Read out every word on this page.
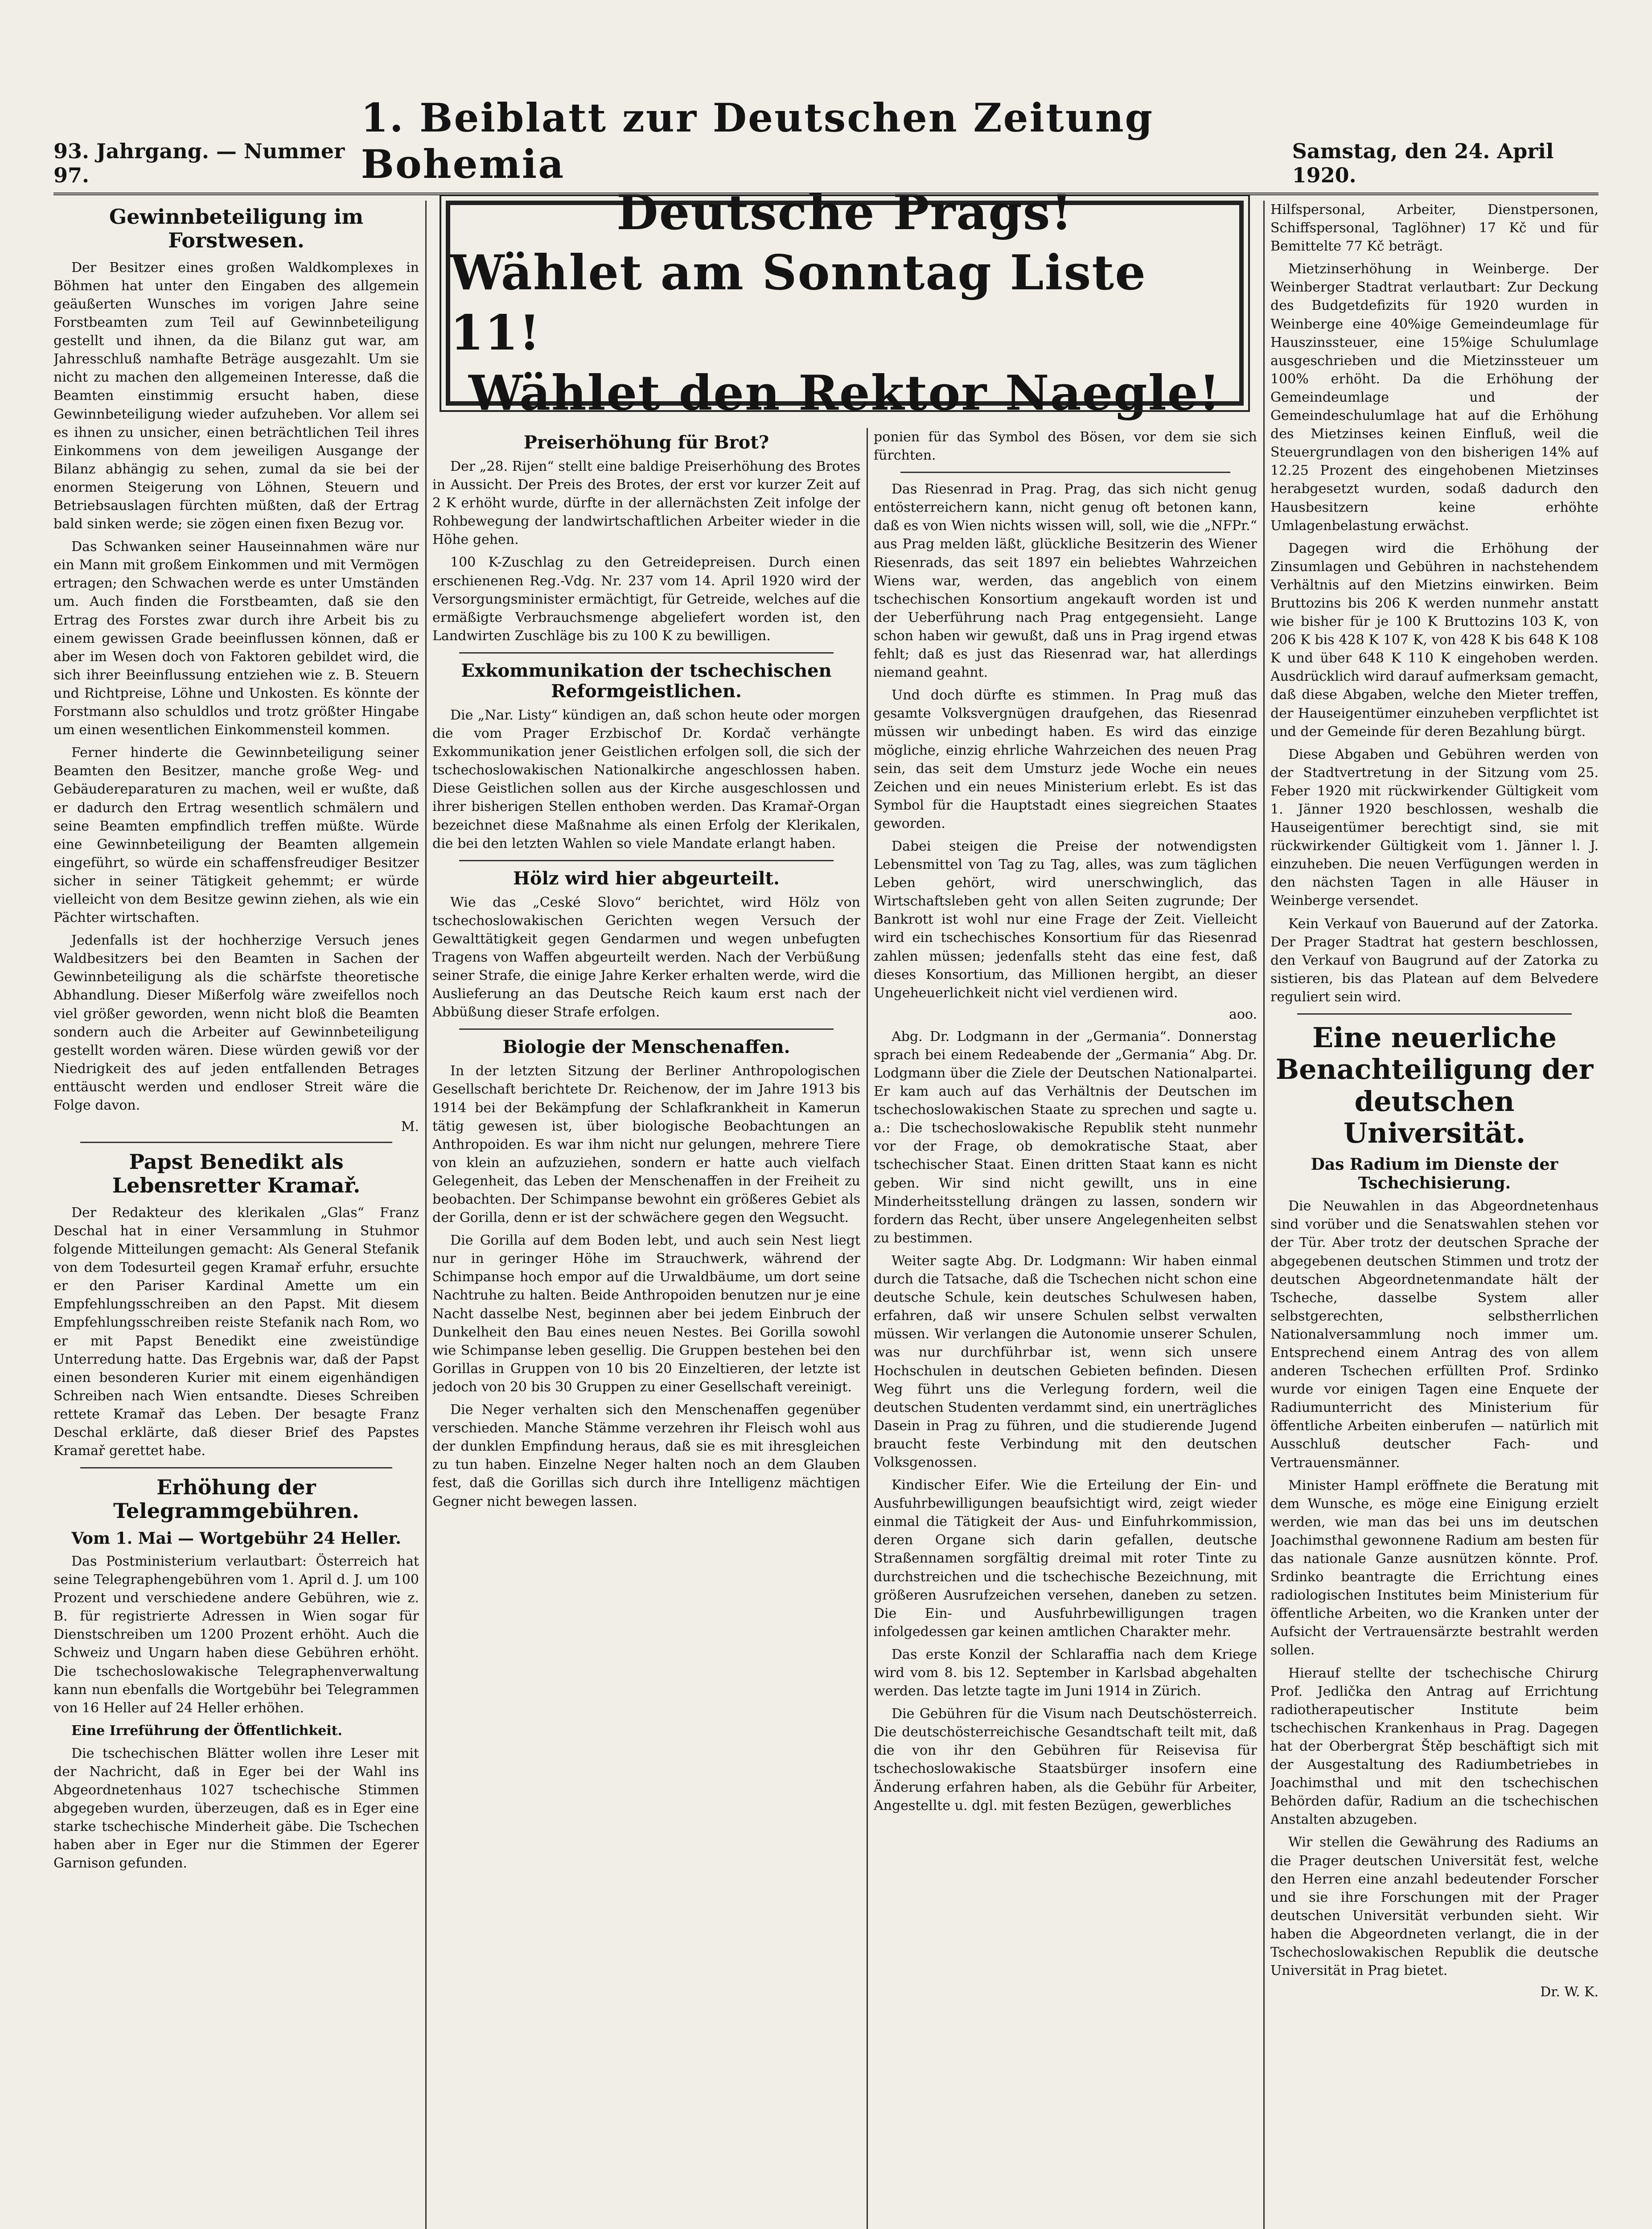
93. Jahrgang. — Nummer 97.
1. Beiblatt zur Deutschen Zeitung Bohemia	Samstag, den 24. April 1920.
Deutsche Prags!
Wählet am Sonntag Liste 11!
Wählet den Rektor Naegle!
Gewinnbeteiligung im Forstwesen.

Der Besitzer eines großen Waldkomplexes in Böhmen hat unter den Eingaben des allgemein geäußerten Wunsches im vorigen Jahre seine Forstbeamten zum Teil auf Gewinnbeteiligung gestellt und ihnen, da die Bilanz gut war, am Jahresschluß namhafte Beträge ausgezahlt. Um sie nicht zu machen den allgemeinen Interesse, daß die Beamten einstimmig ersucht haben, diese Gewinnbeteiligung wieder aufzuheben. Vor allem sei es ihnen zu unsicher, einen beträchtlichen Teil ihres Einkommens von dem jeweiligen Ausgange der Bilanz abhängig zu sehen, zumal da sie bei der enormen Steigerung von Löhnen, Steuern und Betriebsauslagen fürchten müßten, daß der Ertrag bald sinken werde; sie zögen einen fixen Bezug vor.

Das Schwanken seiner Hauseinnahmen wäre nur ein Mann mit großem Einkommen und mit Vermögen ertragen; den Schwachen werde es unter Umständen um. Auch finden die Forstbeamten, daß sie den Ertrag des Forstes zwar durch ihre Arbeit bis zu einem gewissen Grade beeinflussen können, daß er aber im Wesen doch von Faktoren gebildet wird, die sich ihrer Beeinflussung entziehen wie z. B. Steuern und Richtpreise, Löhne und Unkosten. Es könnte der Forstmann also schuldlos und trotz größter Hingabe um einen wesentlichen Einkommensteil kommen.

Ferner hinderte die Gewinnbeteiligung seiner Beamten den Besitzer, manche große Weg- und Gebäudereparaturen zu machen, weil er wußte, daß er dadurch den Ertrag wesentlich schmälern und seine Beamten empfindlich treffen müßte. Würde eine Gewinnbeteiligung der Beamten allgemein eingeführt, so würde ein schaffensfreudiger Besitzer sicher in seiner Tätigkeit gehemmt; er würde vielleicht von dem Besitze gewinn ziehen, als wie ein Pächter wirtschaften.

Jedenfalls ist der hochherzige Versuch jenes Waldbesitzers bei den Beamten in Sachen der Gewinnbeteiligung als die schärfste theoretische Abhandlung. Dieser Mißerfolg wäre zweifellos noch viel größer geworden, wenn nicht bloß die Beamten sondern auch die Arbeiter auf Gewinnbeteiligung gestellt worden wären. Diese würden gewiß vor der Niedrigkeit des auf jeden entfallenden Betrages enttäuscht werden und endloser Streit wäre die Folge davon.

M.
Papst Benedikt als Lebensretter Kramař.

Der Redakteur des klerikalen „Glas“ Franz Deschal hat in einer Versammlung in Stuhmor folgende Mitteilungen gemacht: Als General Stefanik von dem Todesurteil gegen Kramař erfuhr, ersuchte er den Pariser Kardinal Amette um ein Empfehlungsschreiben an den Papst. Mit diesem Empfehlungsschreiben reiste Stefanik nach Rom, wo er mit Papst Benedikt eine zweistündige Unterredung hatte. Das Ergebnis war, daß der Papst einen besonderen Kurier mit einem eigenhändigen Schreiben nach Wien entsandte. Dieses Schreiben rettete Kramař das Leben. Der besagte Franz Deschal erklärte, daß dieser Brief des Papstes Kramař gerettet habe.

Erhöhung der Telegrammgebühren.
Vom 1. Mai — Wortgebühr 24 Heller.

Das Postministerium verlautbart: Österreich hat seine Telegraphengebühren vom 1. April d. J. um 100 Prozent und verschiedene andere Gebühren, wie z. B. für registrierte Adressen in Wien sogar für Dienstschreiben um 1200 Prozent erhöht. Auch die Schweiz und Ungarn haben diese Gebühren erhöht. Die tschechoslowakische Telegraphenverwaltung kann nun ebenfalls die Wortgebühr bei Telegrammen von 16 Heller auf 24 Heller erhöhen.

Eine Irreführung der Öffentlichkeit.

Die tschechischen Blätter wollen ihre Leser mit der Nachricht, daß in Eger bei der Wahl ins Abgeordnetenhaus 1027 tschechische Stimmen abgegeben wurden, überzeugen, daß es in Eger eine starke tschechische Minderheit gäbe. Die Tschechen haben aber in Eger nur die Stimmen der Egerer Garnison gefunden.

Preiserhöhung für Brot?

Der „28. Rijen“ stellt eine baldige Preiserhöhung des Brotes in Aussicht. Der Preis des Brotes, der erst vor kurzer Zeit auf 2 K erhöht wurde, dürfte in der allernächsten Zeit infolge der Rohbewegung der landwirtschaftlichen Arbeiter wieder in die Höhe gehen.

100 K-Zuschlag zu den Getreidepreisen. Durch einen erschienenen Reg.-Vdg. Nr. 237 vom 14. April 1920 wird der Versorgungsminister ermächtigt, für Getreide, welches auf die ermäßigte Verbrauchsmenge abgeliefert worden ist, den Landwirten Zuschläge bis zu 100 K zu bewilligen.

Exkommunikation der tschechischen Reformgeistlichen.

Die „Nar. Listy“ kündigen an, daß schon heute oder morgen die vom Prager Erzbischof Dr. Kordač verhängte Exkommunikation jener Geistlichen erfolgen soll, die sich der tschechoslowakischen Nationalkirche angeschlossen haben. Diese Geistlichen sollen aus der Kirche ausgeschlossen und ihrer bisherigen Stellen enthoben werden. Das Kramař-Organ bezeichnet diese Maßnahme als einen Erfolg der Klerikalen, die bei den letzten Wahlen so viele Mandate erlangt haben.

Hölz wird hier abgeurteilt.

Wie das „Ceské Slovo“ berichtet, wird Hölz von tschechoslowakischen Gerichten wegen Versuch der Gewalttätigkeit gegen Gendarmen und wegen unbefugten Tragens von Waffen abgeurteilt werden. Nach der Verbüßung seiner Strafe, die einige Jahre Kerker erhalten werde, wird die Auslieferung an das Deutsche Reich kaum erst nach der Abbüßung dieser Strafe erfolgen.

Biologie der Menschenaffen.

In der letzten Sitzung der Berliner Anthropologischen Gesellschaft berichtete Dr. Reichenow, der im Jahre 1913 bis 1914 bei der Bekämpfung der Schlafkrankheit in Kamerun tätig gewesen ist, über biologische Beobachtungen an Anthropoiden. Es war ihm nicht nur gelungen, mehrere Tiere von klein an aufzuziehen, sondern er hatte auch vielfach Gelegenheit, das Leben der Menschenaffen in der Freiheit zu beobachten. Der Schimpanse bewohnt ein größeres Gebiet als der Gorilla, denn er ist der schwächere gegen den Wegsucht.

Die Gorilla auf dem Boden lebt, und auch sein Nest liegt nur in geringer Höhe im Strauchwerk, während der Schimpanse hoch empor auf die Urwaldbäume, um dort seine Nachtruhe zu halten. Beide Anthropoiden benutzen nur je eine Nacht dasselbe Nest, beginnen aber bei jedem Einbruch der Dunkelheit den Bau eines neuen Nestes. Bei Gorilla sowohl wie Schimpanse leben gesellig. Die Gruppen bestehen bei den Gorillas in Gruppen von 10 bis 20 Einzeltieren, der letzte ist jedoch von 20 bis 30 Gruppen zu einer Gesellschaft vereinigt.

Die Neger verhalten sich den Menschenaffen gegenüber verschieden. Manche Stämme verzehren ihr Fleisch wohl aus der dunklen Empfindung heraus, daß sie es mit ihresgleichen zu tun haben. Einzelne Neger halten noch an dem Glauben fest, daß die Gorillas sich durch ihre Intelligenz mächtigen Gegner nicht bewegen lassen.

ponien für das Symbol des Bösen, vor dem sie sich fürchten.

Das Riesenrad in Prag. Prag, das sich nicht genug entösterreichern kann, nicht genug oft betonen kann, daß es von Wien nichts wissen will, soll, wie die „NFPr.“ aus Prag melden läßt, glückliche Besitzerin des Wiener Riesenrads, das seit 1897 ein beliebtes Wahrzeichen Wiens war, werden, das angeblich von einem tschechischen Konsortium angekauft worden ist und der Ueberführung nach Prag entgegensieht. Lange schon haben wir gewußt, daß uns in Prag irgend etwas fehlt; daß es just das Riesenrad war, hat allerdings niemand geahnt.

Und doch dürfte es stimmen. In Prag muß das gesamte Volksvergnügen draufgehen, das Riesenrad müssen wir unbedingt haben. Es wird das einzige mögliche, einzig ehrliche Wahrzeichen des neuen Prag sein, das seit dem Umsturz jede Woche ein neues Zeichen und ein neues Ministerium erlebt. Es ist das Symbol für die Hauptstadt eines siegreichen Staates geworden.

Dabei steigen die Preise der notwendigsten Lebensmittel von Tag zu Tag, alles, was zum täglichen Leben gehört, wird unerschwinglich, das Wirtschaftsleben geht von allen Seiten zugrunde; Der Bankrott ist wohl nur eine Frage der Zeit. Vielleicht wird ein tschechisches Konsortium für das Riesenrad zahlen müssen; jedenfalls steht das eine fest, daß dieses Konsortium, das Millionen hergibt, an dieser Ungeheuerlichkeit nicht viel verdienen wird.

aoo.

Abg. Dr. Lodgmann in der „Germania“. Donnerstag sprach bei einem Redeabende der „Germania“ Abg. Dr. Lodgmann über die Ziele der Deutschen Nationalpartei. Er kam auch auf das Verhältnis der Deutschen im tschechoslowakischen Staate zu sprechen und sagte u. a.: Die tschechoslowakische Republik steht nunmehr vor der Frage, ob demokratische Staat, aber tschechischer Staat. Einen dritten Staat kann es nicht geben. Wir sind nicht gewillt, uns in eine Minderheitsstellung drängen zu lassen, sondern wir fordern das Recht, über unsere Angelegenheiten selbst zu bestimmen.

Weiter sagte Abg. Dr. Lodgmann: Wir haben einmal durch die Tatsache, daß die Tschechen nicht schon eine deutsche Schule, kein deutsches Schulwesen haben, erfahren, daß wir unsere Schulen selbst verwalten müssen. Wir verlangen die Autonomie unserer Schulen, was nur durchführbar ist, wenn sich unsere Hochschulen in deutschen Gebieten befinden. Diesen Weg führt uns die Verlegung fordern, weil die deutschen Studenten verdammt sind, ein unerträgliches Dasein in Prag zu führen, und die studierende Jugend braucht feste Verbindung mit den deutschen Volksgenossen.

Kindischer Eifer. Wie die Erteilung der Ein- und Ausfuhrbewilligungen beaufsichtigt wird, zeigt wieder einmal die Tätigkeit der Aus- und Einfuhrkommission, deren Organe sich darin gefallen, deutsche Straßennamen sorgfältig dreimal mit roter Tinte zu durchstreichen und die tschechische Bezeichnung, mit größeren Ausrufzeichen versehen, daneben zu setzen. Die Ein- und Ausfuhrbewilligungen tragen infolgedessen gar keinen amtlichen Charakter mehr.

Das erste Konzil der Schlaraffia nach dem Kriege wird vom 8. bis 12. September in Karlsbad abgehalten werden. Das letzte tagte im Juni 1914 in Zürich.

Die Gebühren für die Visum nach Deutschösterreich. Die deutschösterreichische Gesandtschaft teilt mit, daß die von ihr den Gebühren für Reisevisa für tschechoslowakische Staatsbürger insofern eine Änderung erfahren haben, als die Gebühr für Arbeiter, Angestellte u. dgl. mit festen Bezügen, gewerbliches

Hilfspersonal, Arbeiter, Dienstpersonen, Schiffspersonal, Taglöhner) 17 Kč und für Bemittelte 77 Kč beträgt.

Mietzinserhöhung in Weinberge. Der Weinberger Stadtrat verlautbart: Zur Deckung des Budgetdefizits für 1920 wurden in Weinberge eine 40%ige Gemeindeumlage für Hauszinssteuer, eine 15%ige Schulumlage ausgeschrieben und die Mietzinssteuer um 100% erhöht. Da die Erhöhung der Gemeindeumlage und der Gemeindeschulumlage hat auf die Erhöhung des Mietzinses keinen Einfluß, weil die Steuergrundlagen von den bisherigen 14% auf 12.25 Prozent des eingehobenen Mietzinses herabgesetzt wurden, sodaß dadurch den Hausbesitzern keine erhöhte Umlagenbelastung erwächst.

Dagegen wird die Erhöhung der Zinsumlagen und Gebühren in nachstehendem Verhältnis auf den Mietzins einwirken. Beim Bruttozins bis 206 K werden nunmehr anstatt wie bisher für je 100 K Bruttozins 103 K, von 206 K bis 428 K 107 K, von 428 K bis 648 K 108 K und über 648 K 110 K eingehoben werden. Ausdrücklich wird darauf aufmerksam gemacht, daß diese Abgaben, welche den Mieter treffen, der Hauseigentümer einzuheben verpflichtet ist und der Gemeinde für deren Bezahlung bürgt.

Diese Abgaben und Gebühren werden von der Stadtvertretung in der Sitzung vom 25. Feber 1920 mit rückwirkender Gültigkeit vom 1. Jänner 1920 beschlossen, weshalb die Hauseigentümer berechtigt sind, sie mit rückwirkender Gültigkeit vom 1. Jänner l. J. einzuheben. Die neuen Verfügungen werden in den nächsten Tagen in alle Häuser in Weinberge versendet.

Kein Verkauf von Bauerund auf der Zatorka. Der Prager Stadtrat hat gestern beschlossen, den Verkauf von Baugrund auf der Zatorka zu sistieren, bis das Platean auf dem Belvedere reguliert sein wird.

Eine neuerliche Benachteiligung der deutschen Universität.
Das Radium im Dienste der Tschechisierung.

Die Neuwahlen in das Abgeordnetenhaus sind vorüber und die Senatswahlen stehen vor der Tür. Aber trotz der deutschen Sprache der abgegebenen deutschen Stimmen und trotz der deutschen Abgeordnetenmandate hält der Tscheche, dasselbe System aller selbstgerechten, selbstherrlichen Nationalversammlung noch immer um. Entsprechend einem Antrag des von allem anderen Tschechen erfüllten Prof. Srdinko wurde vor einigen Tagen eine Enquete der Radiumunterricht des Ministerium für öffentliche Arbeiten einberufen — natürlich mit Ausschluß deutscher Fach- und Vertrauensmänner.

Minister Hampl eröffnete die Beratung mit dem Wunsche, es möge eine Einigung erzielt werden, wie man das bei uns im deutschen Joachimsthal gewonnene Radium am besten für das nationale Ganze ausnützen könnte. Prof. Srdinko beantragte die Errichtung eines radiologischen Institutes beim Ministerium für öffentliche Arbeiten, wo die Kranken unter der Aufsicht der Vertrauensärzte bestrahlt werden sollen.

Hierauf stellte der tschechische Chirurg Prof. Jedlička den Antrag auf Errichtung radiotherapeutischer Institute beim tschechischen Krankenhaus in Prag. Dagegen hat der Oberbergrat Štěp beschäftigt sich mit der Ausgestaltung des Radiumbetriebes in Joachimsthal und mit den tschechischen Behörden dafür, Radium an die tschechischen Anstalten abzugeben.

Wir stellen die Gewährung des Radiums an die Prager deutschen Universität fest, welche den Herren eine anzahl bedeutender Forscher und sie ihre Forschungen mit der Prager deutschen Universität verbunden sieht. Wir haben die Abgeordneten verlangt, die in der Tschechoslowakischen Republik die deutsche Universität in Prag bietet.

Dr. W. K.
